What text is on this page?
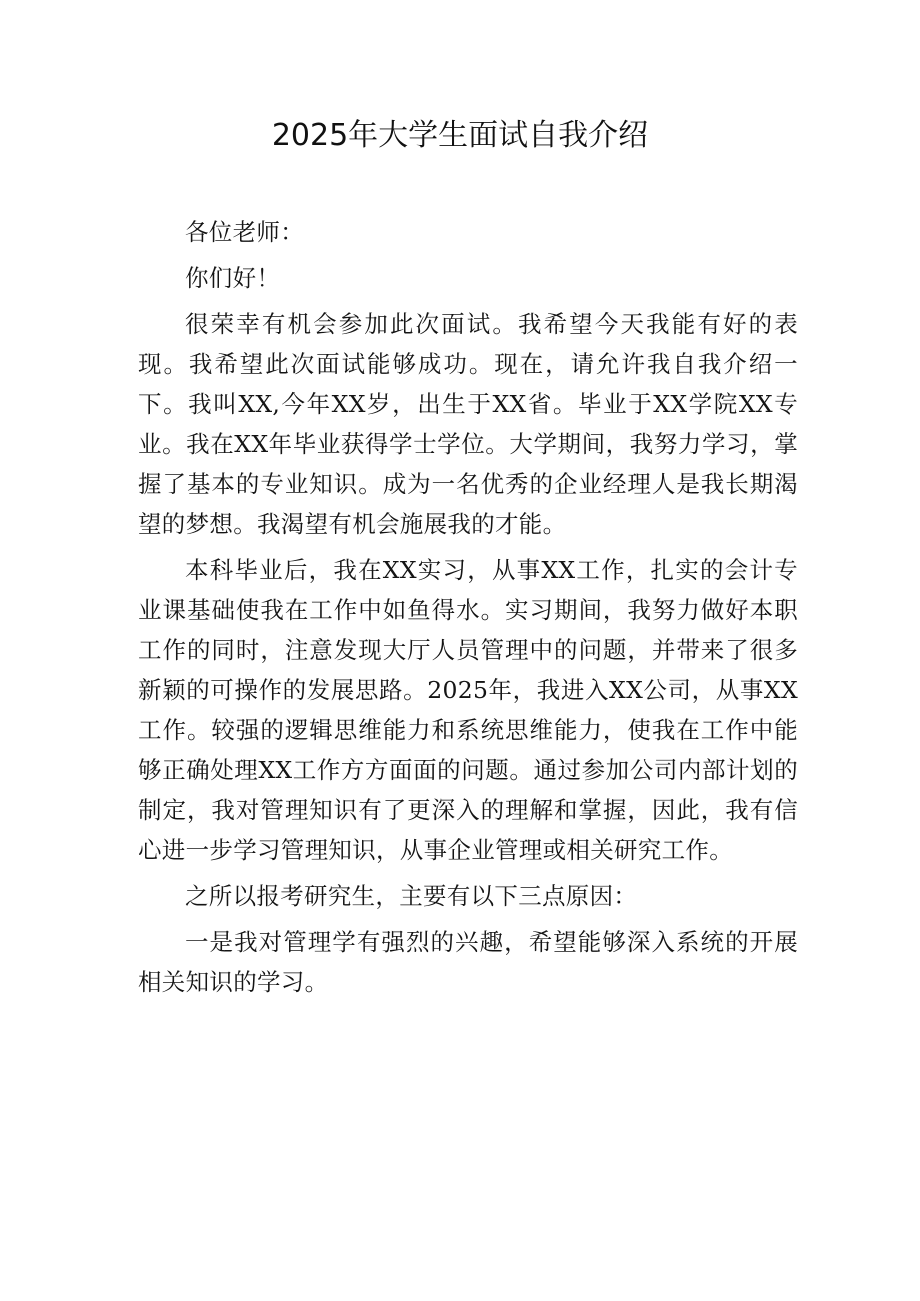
2025年大学生面试自我介绍

各位老师：

你们好！

很荣幸有机会参加此次面试。我希望今天我能有好的表现。我希望此次面试能够成功。现在，请允许我自我介绍一下。我叫XX,今年XX岁，出生于XX省。毕业于XX学院XX专业。我在XX年毕业获得学士学位。大学期间，我努力学习，掌握了基本的专业知识。成为一名优秀的企业经理人是我长期渴望的梦想。我渴望有机会施展我的才能。

本科毕业后，我在XX实习，从事XX工作，扎实的会计专业课基础使我在工作中如鱼得水。实习期间，我努力做好本职工作的同时，注意发现大厅人员管理中的问题，并带来了很多新颖的可操作的发展思路。2025年，我进入XX公司，从事XX工作。较强的逻辑思维能力和系统思维能力，使我在工作中能够正确处理XX工作方方面面的问题。通过参加公司内部计划的制定，我对管理知识有了更深入的理解和掌握，因此，我有信心进一步学习管理知识，从事企业管理或相关研究工作。

之所以报考研究生，主要有以下三点原因：

一是我对管理学有强烈的兴趣，希望能够深入系统的开展相关知识的学习。
